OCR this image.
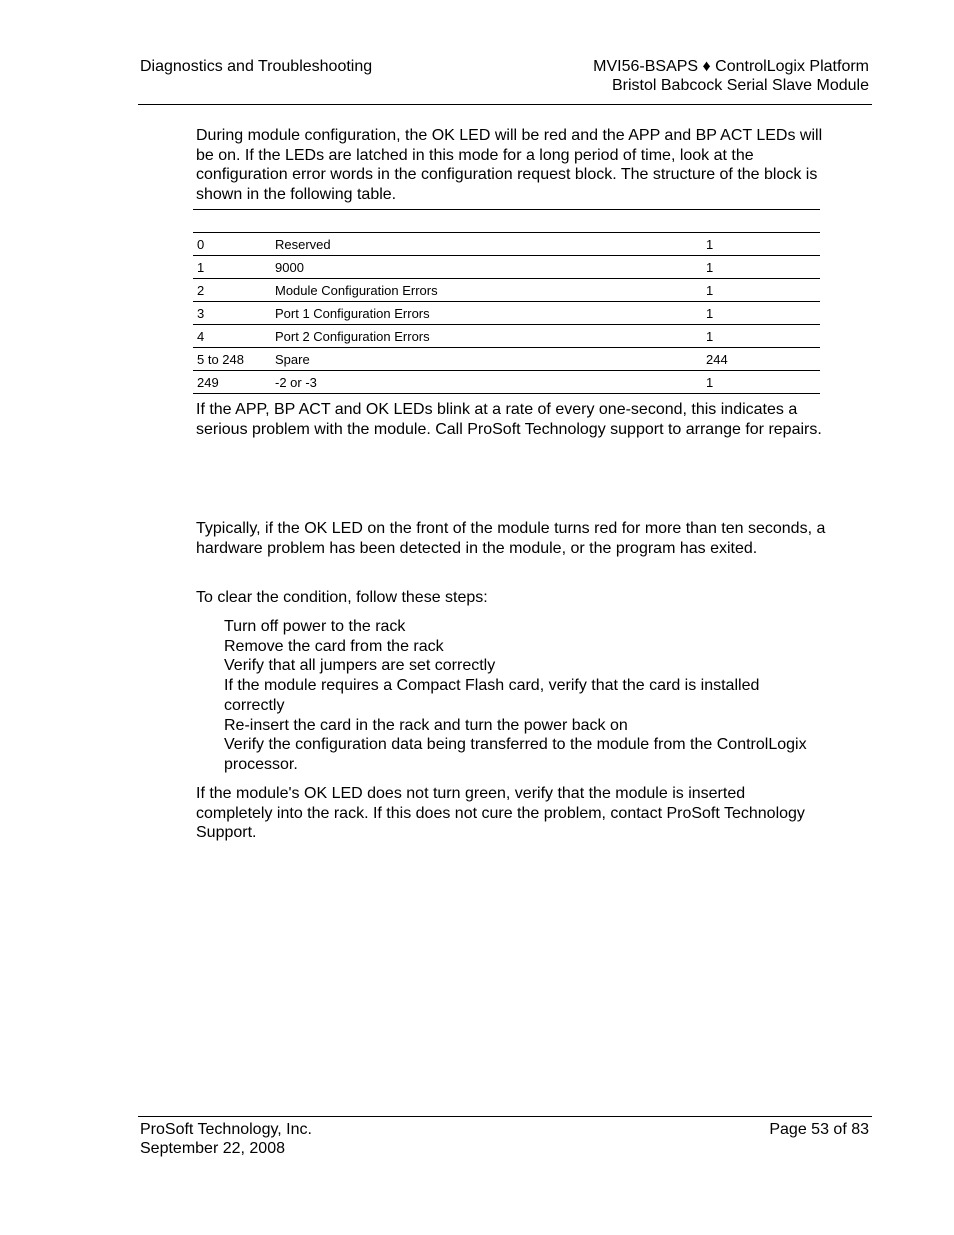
Diagnostics and Troubleshooting	MVI56-BSAPS ♦ ControlLogix Platform
Bristol Babcock Serial Slave Module

During module configuration, the OK LED will be red and the APP and BP ACT LEDs will be on. If the LEDs are latched in this mode for a long period of time, look at the configuration error words in the configuration request block. The structure of the block is shown in the following table.

0	Reserved	1
1	9000	1
2	Module Configuration Errors	1
3	Port 1 Configuration Errors	1
4	Port 2 Configuration Errors	1
5 to 248	Spare	244
249	-2 or -3	1

If the APP, BP ACT and OK LEDs blink at a rate of every one-second, this indicates a serious problem with the module. Call ProSoft Technology support to arrange for repairs.

Typically, if the OK LED on the front of the module turns red for more than ten seconds, a hardware problem has been detected in the module, or the program has exited.

To clear the condition, follow these steps:

Turn off power to the rack
Remove the card from the rack
Verify that all jumpers are set correctly
If the module requires a Compact Flash card, verify that the card is installed correctly
Re-insert the card in the rack and turn the power back on
Verify the configuration data being transferred to the module from the ControlLogix processor.

If the module's OK LED does not turn green, verify that the module is inserted completely into the rack. If this does not cure the problem, contact ProSoft Technology Support.

ProSoft Technology, Inc.
September 22, 2008
Page 53 of 83
